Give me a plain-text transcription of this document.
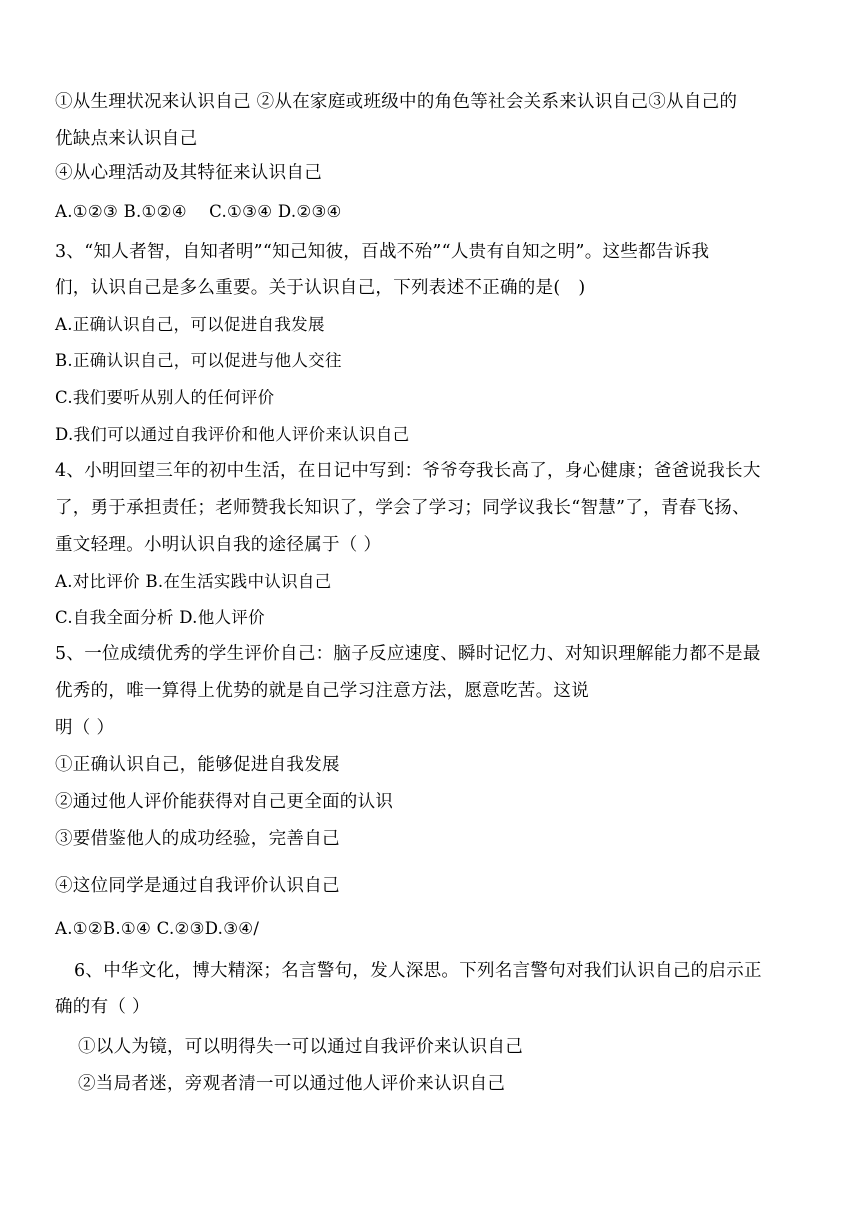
①从生理状况来认识自己 ②从在家庭或班级中的角色等社会关系来认识自己③从自己的
优缺点来认识自己
④从心理活动及其特征来认识自己
A.①②③ B.①②④　 C.①③④ D.②③④
3、“知人者智，自知者明”“知己知彼，百战不殆”“人贵有自知之明”。这些都告诉我
们，认识自己是多么重要。关于认识自己，下列表述不正确的是(　)
A.正确认识自己，可以促进自我发展
B.正确认识自己，可以促进与他人交往
C.我们要听从别人的任何评价
D.我们可以通过自我评价和他人评价来认识自己
4、小明回望三年的初中生活，在日记中写到：爷爷夸我长高了，身心健康；爸爸说我长大
了，勇于承担责任；老师赞我长知识了，学会了学习；同学议我长“智慧”了，青春飞扬、
重文轻理。小明认识自我的途径属于（ ）
A.对比评价 B.在生活实践中认识自己
C.自我全面分析 D.他人评价
5、一位成绩优秀的学生评价自己：脑子反应速度、瞬时记忆力、对知识理解能力都不是最
优秀的，唯一算得上优势的就是自己学习注意方法，愿意吃苦。这说
明（ ）
①正确认识自己，能够促进自我发展
②通过他人评价能获得对自己更全面的认识
③要借鉴他人的成功经验，完善自己
④这位同学是通过自我评价认识自己
A.①②B.①④ C.②③D.③④/
6、中华文化，博大精深；名言警句，发人深思。下列名言警句对我们认识自己的启示正
确的有（ ）
①以人为镜，可以明得失一可以通过自我评价来认识自己
②当局者迷，旁观者清一可以通过他人评价来认识自己
